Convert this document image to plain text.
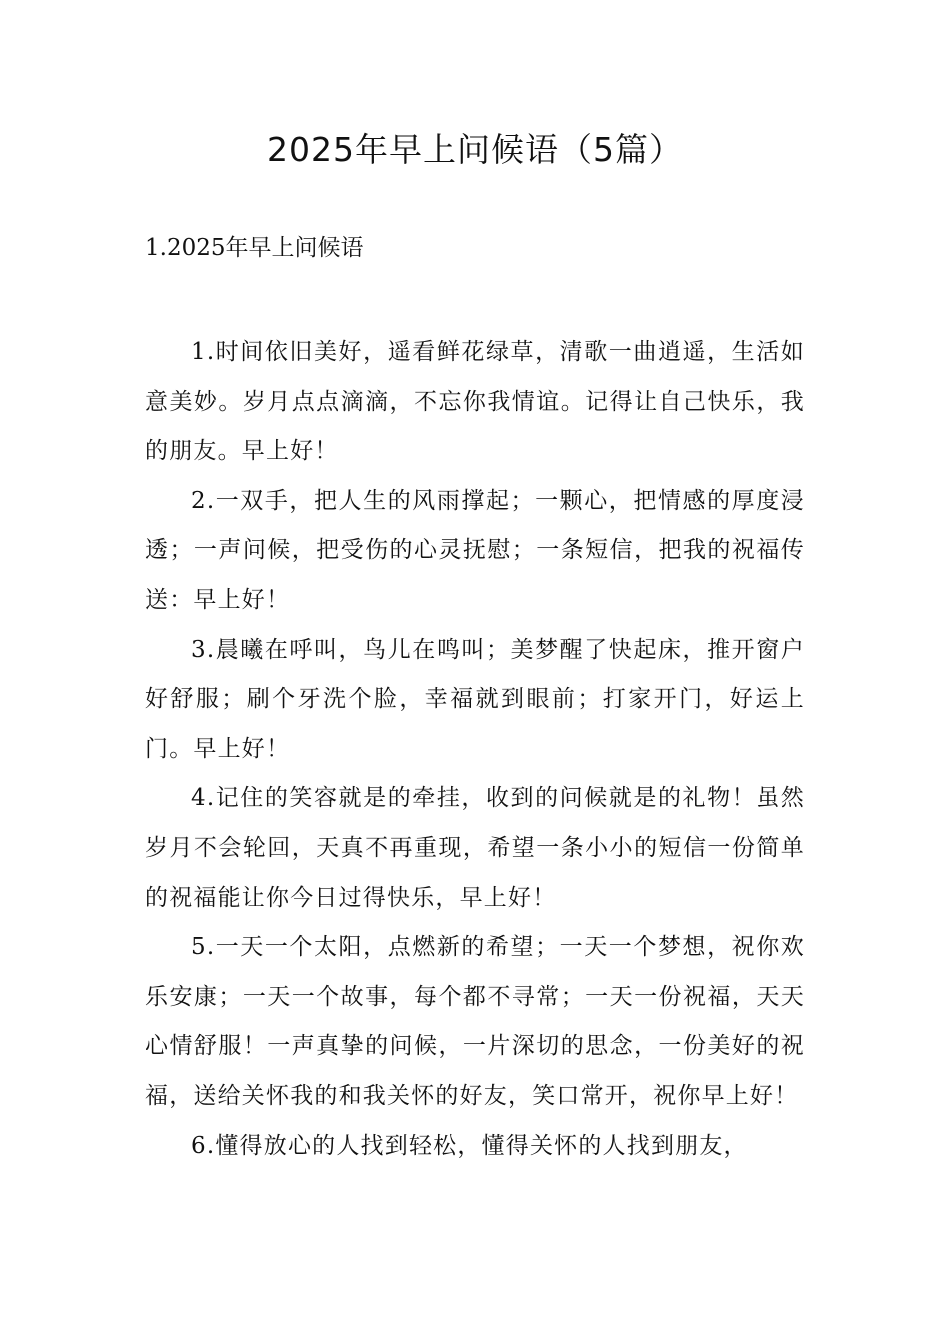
2025年早上问候语（5篇）
1.2025年早上问候语

1.时间依旧美好，遥看鲜花绿草，清歌一曲逍遥，生活如意美妙。岁月点点滴滴，不忘你我情谊。记得让自己快乐，我的朋友。早上好！

2.一双手，把人生的风雨撑起；一颗心，把情感的厚度浸透；一声问候，把受伤的心灵抚慰；一条短信，把我的祝福传送：早上好！

3.晨曦在呼叫，鸟儿在鸣叫；美梦醒了快起床，推开窗户好舒服；刷个牙洗个脸，幸福就到眼前；打家开门，好运上门。早上好！

4.记住的笑容就是的牵挂，收到的问候就是的礼物！虽然岁月不会轮回，天真不再重现，希望一条小小的短信一份简单的祝福能让你今日过得快乐，早上好！

5.一天一个太阳，点燃新的希望；一天一个梦想，祝你欢乐安康；一天一个故事，每个都不寻常；一天一份祝福，天天心情舒服！一声真挚的问候，一片深切的思念，一份美好的祝福，送给关怀我的和我关怀的好友，笑口常开，祝你早上好！

6.懂得放心的人找到轻松，懂得关怀的人找到朋友，
